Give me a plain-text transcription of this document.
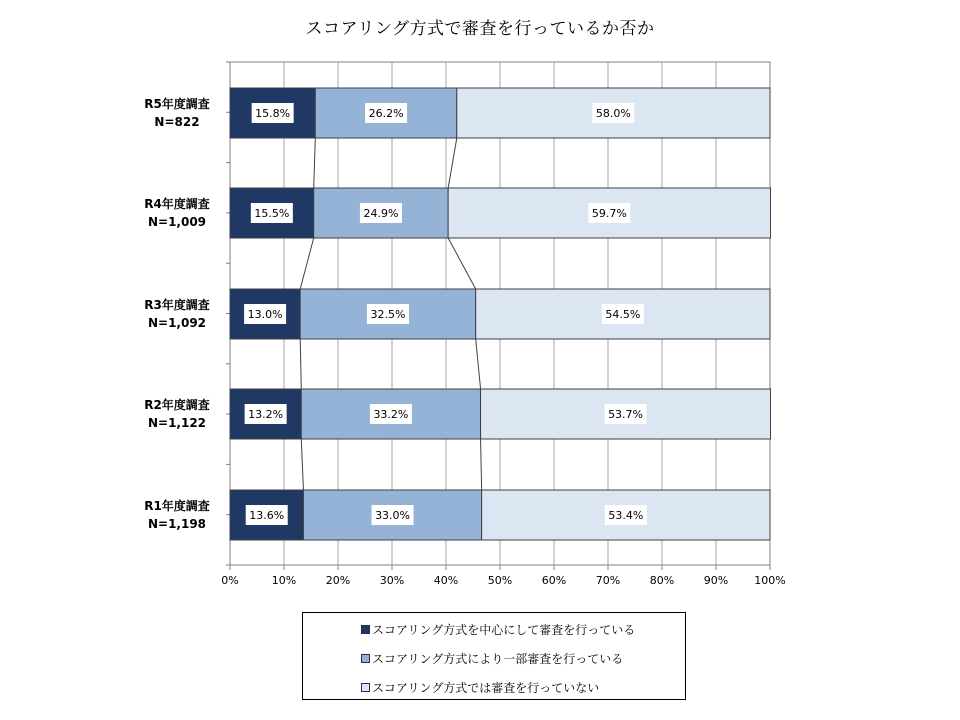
スコアリング方式で審査を行っているか否か
15.8%	26.2%	58.0%
15.5%	24.9%	59.7%
13.0%	32.5%	54.5%
13.2%	33.2%	53.7%
13.6%	33.0%	53.4%
R5年度調査
N=822
R4年度調査
N=1,009
R3年度調査
N=1,092
R2年度調査
N=1,122
R1年度調査
N=1,198
0%	10%	20%	30%	40%	50%	60%	70%	80%	90%	100%
スコアリング方式を中心にして審査を行っている
スコアリング方式により一部審査を行っている
スコアリング方式では審査を行っていない
